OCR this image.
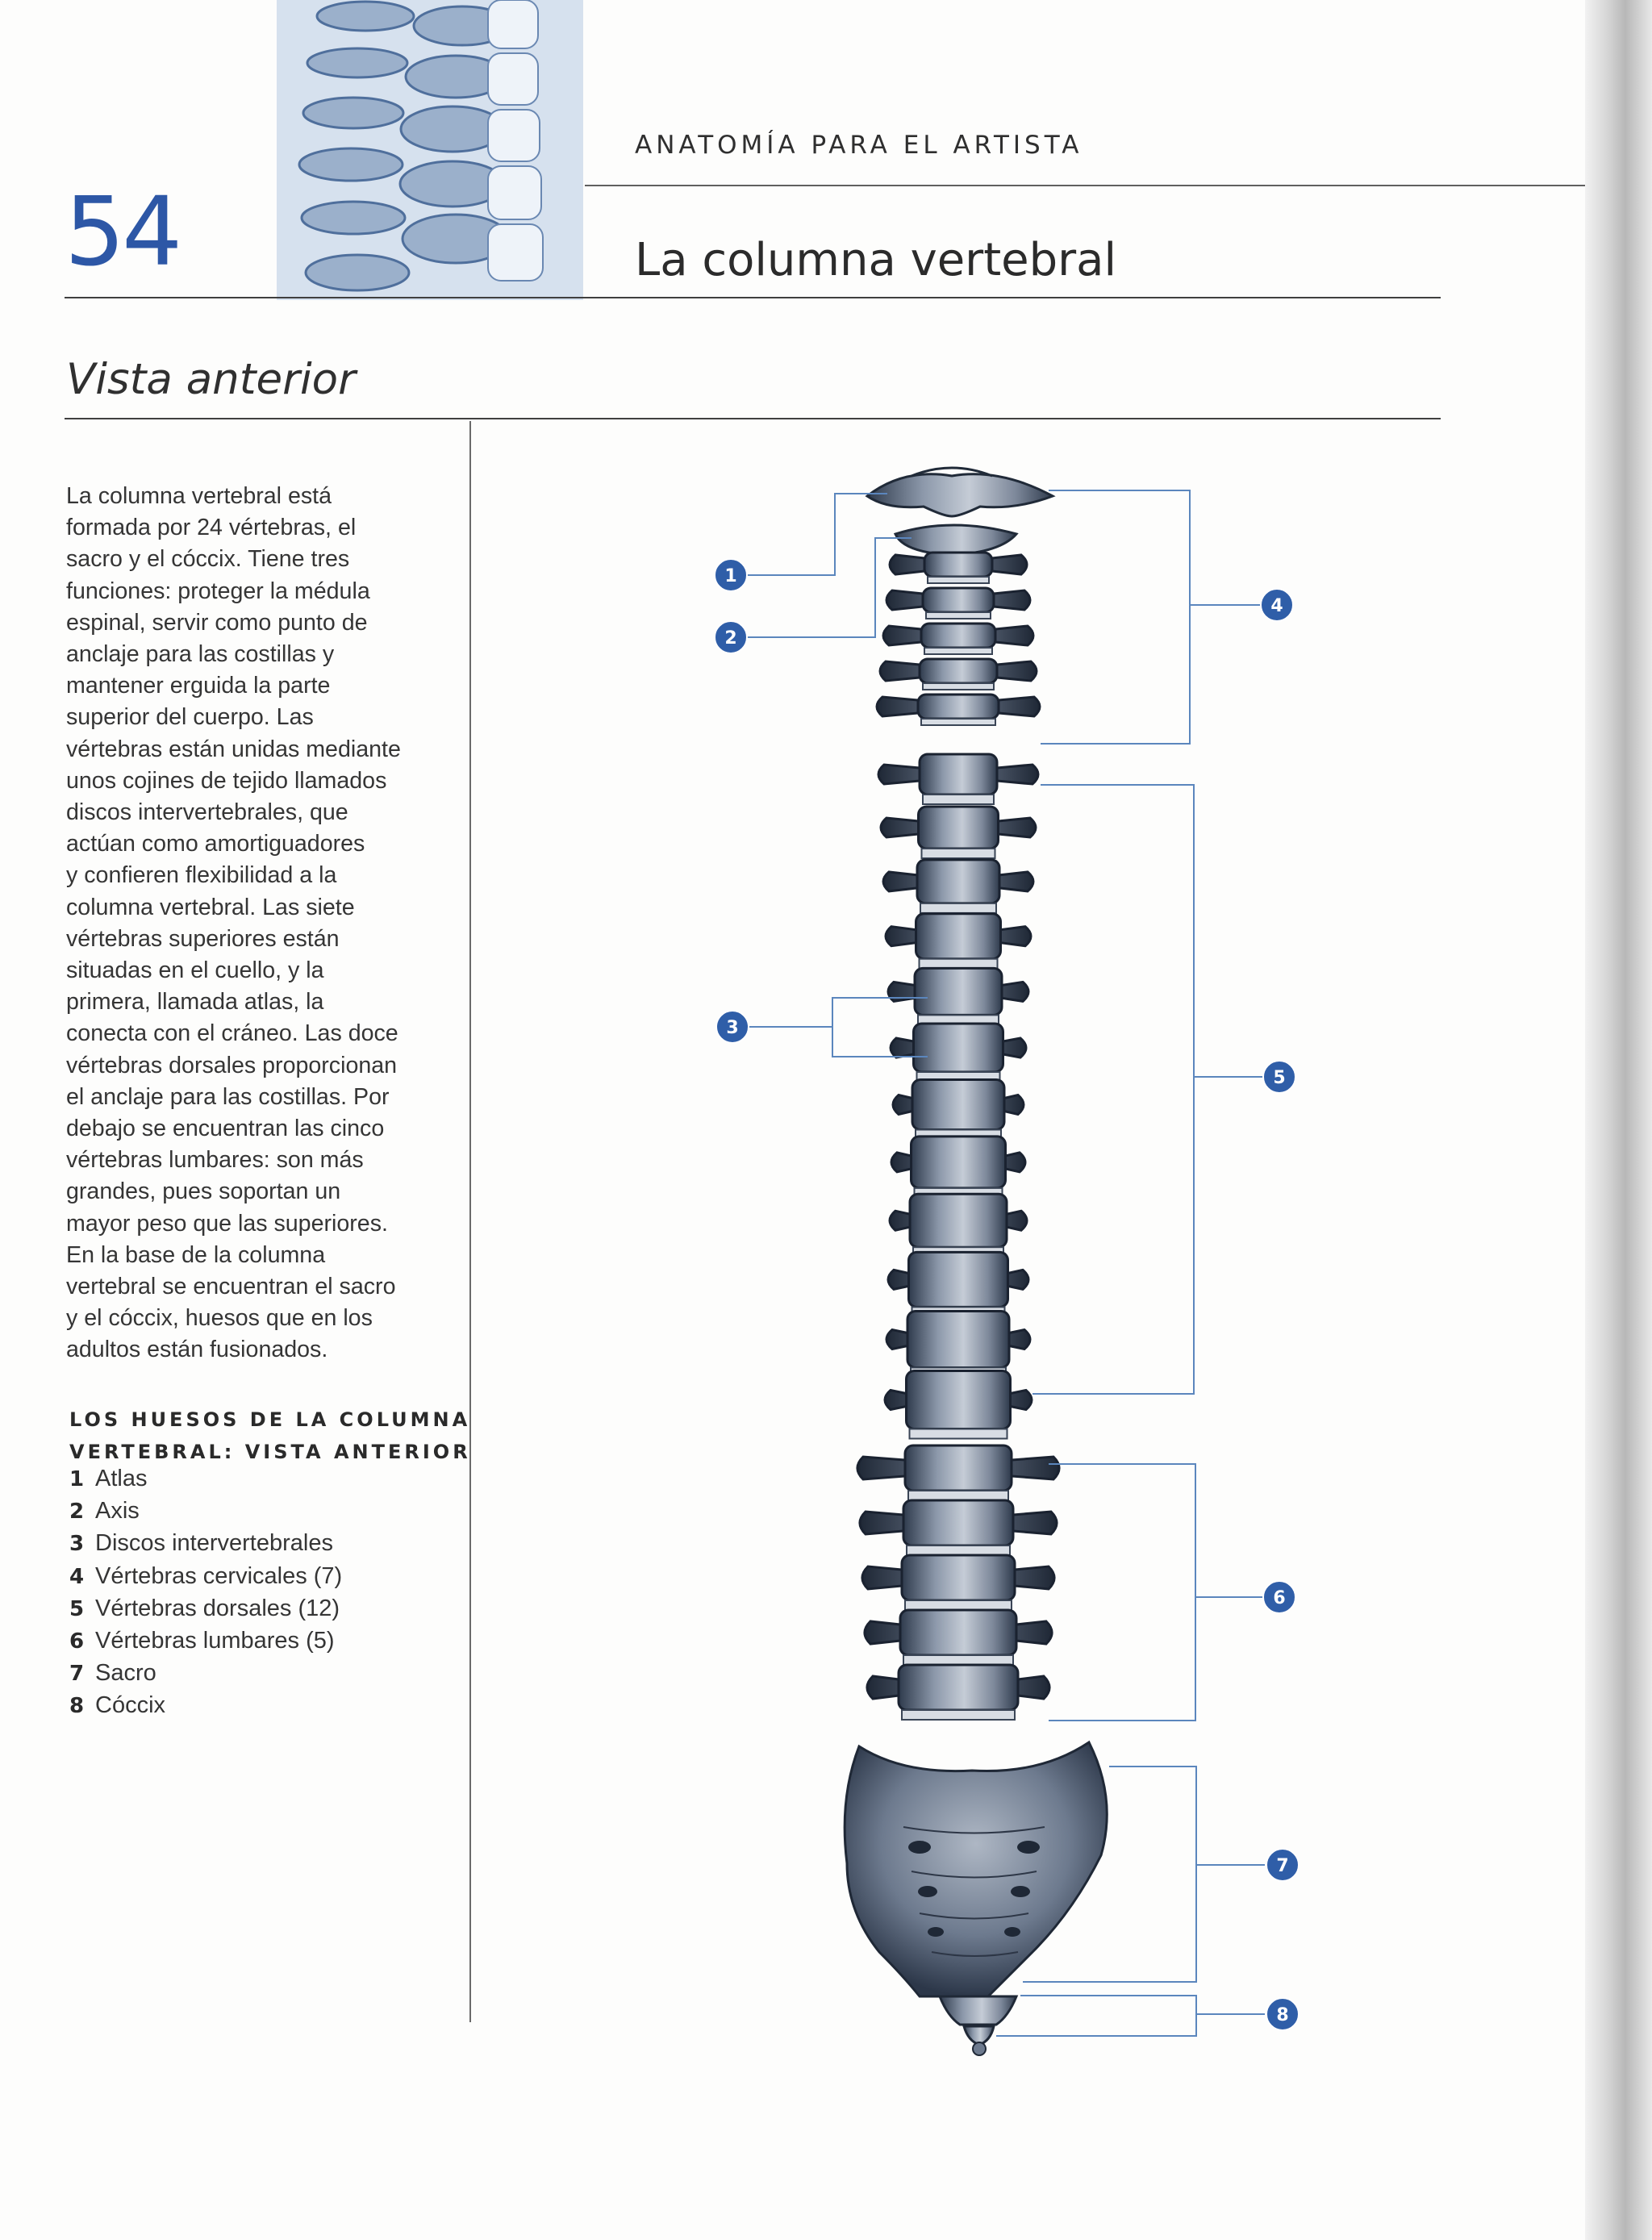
54
ANATOMÍA PARA EL ARTISTA
La columna vertebral
Vista anterior
La columna vertebral está
formada por 24 vértebras, el
sacro y el cóccix. Tiene tres
funciones: proteger la médula
espinal, servir como punto de
anclaje para las costillas y
mantener erguida la parte
superior del cuerpo. Las
vértebras están unidas mediante
unos cojines de tejido llamados
discos intervertebrales, que
actúan como amortiguadores
y confieren flexibilidad a la
columna vertebral. Las siete
vértebras superiores están
situadas en el cuello, y la
primera, llamada atlas, la
conecta con el cráneo. Las doce
vértebras dorsales proporcionan
el anclaje para las costillas. Por
debajo se encuentran las cinco
vértebras lumbares: son más
grandes, pues soportan un
mayor peso que las superiores.
En la base de la columna
vertebral se encuentran el sacro
y el cóccix, huesos que en los
adultos están fusionados.
LOS HUESOS DE LA COLUMNA
VERTEBRAL: VISTA ANTERIOR
1 Atlas
2 Axis
3 Discos intervertebrales
4 Vértebras cervicales (7)
5 Vértebras dorsales (12)
6 Vértebras lumbares (5)
7 Sacro
8 Cóccix
1
2
3
4
5
6
7
8
